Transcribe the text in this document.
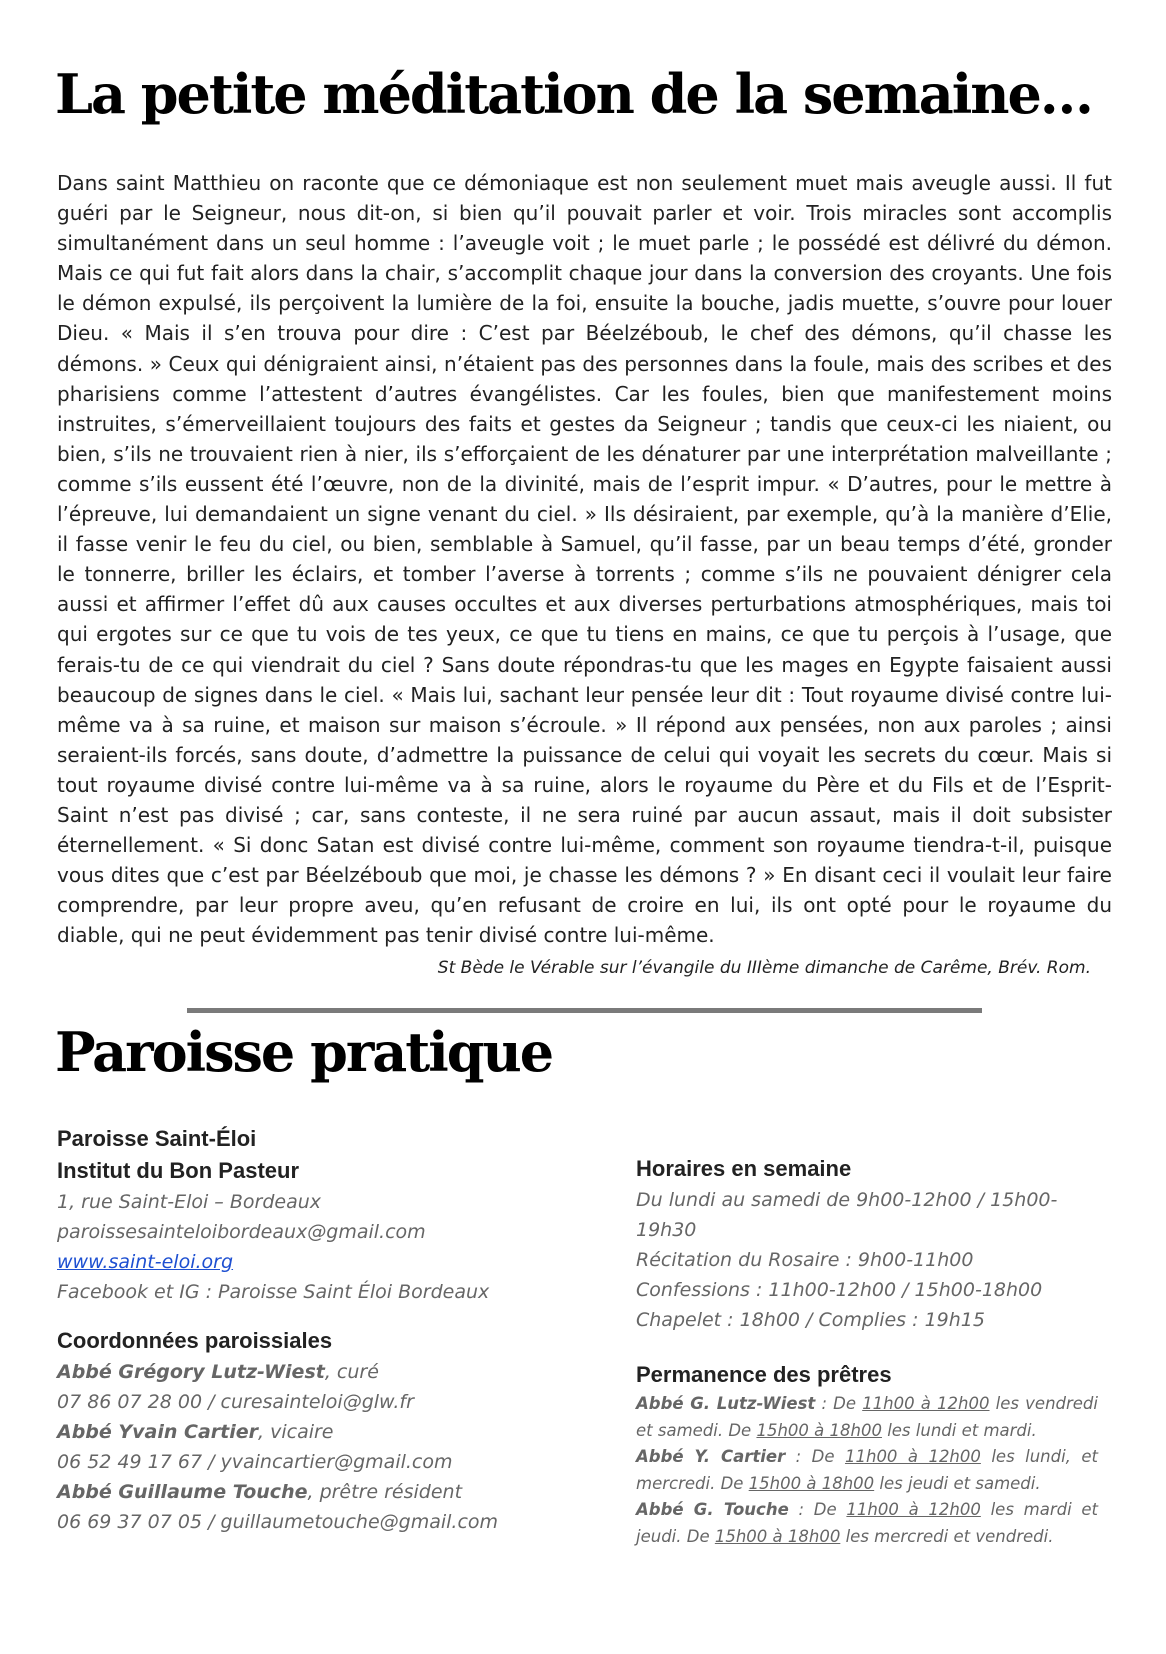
La petite méditation de la semaine…

Dans saint Matthieu on raconte que ce démoniaque est non seulement muet mais aveugle aussi. Il fut guéri par le Seigneur, nous dit-on, si bien qu’il pouvait parler et voir. Trois miracles sont accomplis simultanément dans un seul homme : l’aveugle voit ; le muet parle ; le possédé est délivré du démon. Mais ce qui fut fait alors dans la chair, s’accomplit chaque jour dans la conversion des croyants. Une fois le démon expulsé, ils perçoivent la lumière de la foi, ensuite la bouche, jadis muette, s’ouvre pour louer Dieu. « Mais il s’en trouva pour dire : C’est par Béelzéboub, le chef des démons, qu’il chasse les démons. » Ceux qui dénigraient ainsi, n’étaient pas des personnes dans la foule, mais des scribes et des pharisiens comme l’attestent d’autres évangélistes. Car les foules, bien que manifestement moins instruites, s’émerveillaient toujours des faits et gestes da Seigneur ; tandis que ceux-ci les niaient, ou bien, s’ils ne trouvaient rien à nier, ils s’efforçaient de les dénaturer par une interprétation malveillante ; comme s’ils eussent été l’œuvre, non de la divinité, mais de l’esprit impur. « D’autres, pour le mettre à l’épreuve, lui demandaient un signe venant du ciel. » Ils désiraient, par exemple, qu’à la manière d’Elie, il fasse venir le feu du ciel, ou bien, semblable à Samuel, qu’il fasse, par un beau temps d’été, gronder le tonnerre, briller les éclairs, et tomber l’averse à torrents ; comme s’ils ne pouvaient dénigrer cela aussi et affirmer l’effet dû aux causes occultes et aux diverses perturbations atmosphériques, mais toi qui ergotes sur ce que tu vois de tes yeux, ce que tu tiens en mains, ce que tu perçois à l’usage, que ferais-tu de ce qui viendrait du ciel ? Sans doute répondras-tu que les mages en Egypte faisaient aussi beaucoup de signes dans le ciel. « Mais lui, sachant leur pensée leur dit : Tout royaume divisé contre lui-même va à sa ruine, et maison sur maison s’écroule. » Il répond aux pensées, non aux paroles ; ainsi seraient-ils forcés, sans doute, d’admettre la puissance de celui qui voyait les secrets du cœur. Mais si tout royaume divisé contre lui-même va à sa ruine, alors le royaume du Père et du Fils et de l’Esprit-Saint n’est pas divisé ; car, sans conteste, il ne sera ruiné par aucun assaut, mais il doit subsister éternellement. « Si donc Satan est divisé contre lui-même, comment son royaume tiendra-t-il, puisque vous dites que c’est par Béelzéboub que moi, je chasse les démons ? » En disant ceci il voulait leur faire comprendre, par leur propre aveu, qu’en refusant de croire en lui, ils ont opté pour le royaume du diable, qui ne peut évidemment pas tenir divisé contre lui-même.

St Bède le Vérable sur l’évangile du IIIème dimanche de Carême, Brév. Rom.

Paroisse pratique

Paroisse Saint-Éloi

Institut du Bon Pasteur

1, rue Saint-Eloi – Bordeaux

paroissesainteloibordeaux@gmail.com

www.saint-eloi.org

Facebook et IG : Paroisse Saint Éloi Bordeaux

Coordonnées paroissiales

Abbé Grégory Lutz-Wiest, curé

07 86 07 28 00 / curesainteloi@glw.fr

Abbé Yvain Cartier, vicaire

06 52 49 17 67 / yvaincartier@gmail.com

Abbé Guillaume Touche, prêtre résident

06 69 37 07 05 / guillaumetouche@gmail.com

Horaires en semaine

Du lundi au samedi de 9h00-12h00 / 15h00-19h30

Récitation du Rosaire : 9h00-11h00

Confessions : 11h00-12h00 / 15h00-18h00

Chapelet : 18h00 / Complies : 19h15

Permanence des prêtres

Abbé G. Lutz-Wiest : De 11h00 à 12h00 les vendredi et samedi. De 15h00 à 18h00 les lundi et mardi.

Abbé Y. Cartier : De 11h00 à 12h00 les lundi, et mercredi. De 15h00 à 18h00 les jeudi et samedi.

Abbé G. Touche : De 11h00 à 12h00 les mardi et jeudi. De 15h00 à 18h00 les mercredi et vendredi.
